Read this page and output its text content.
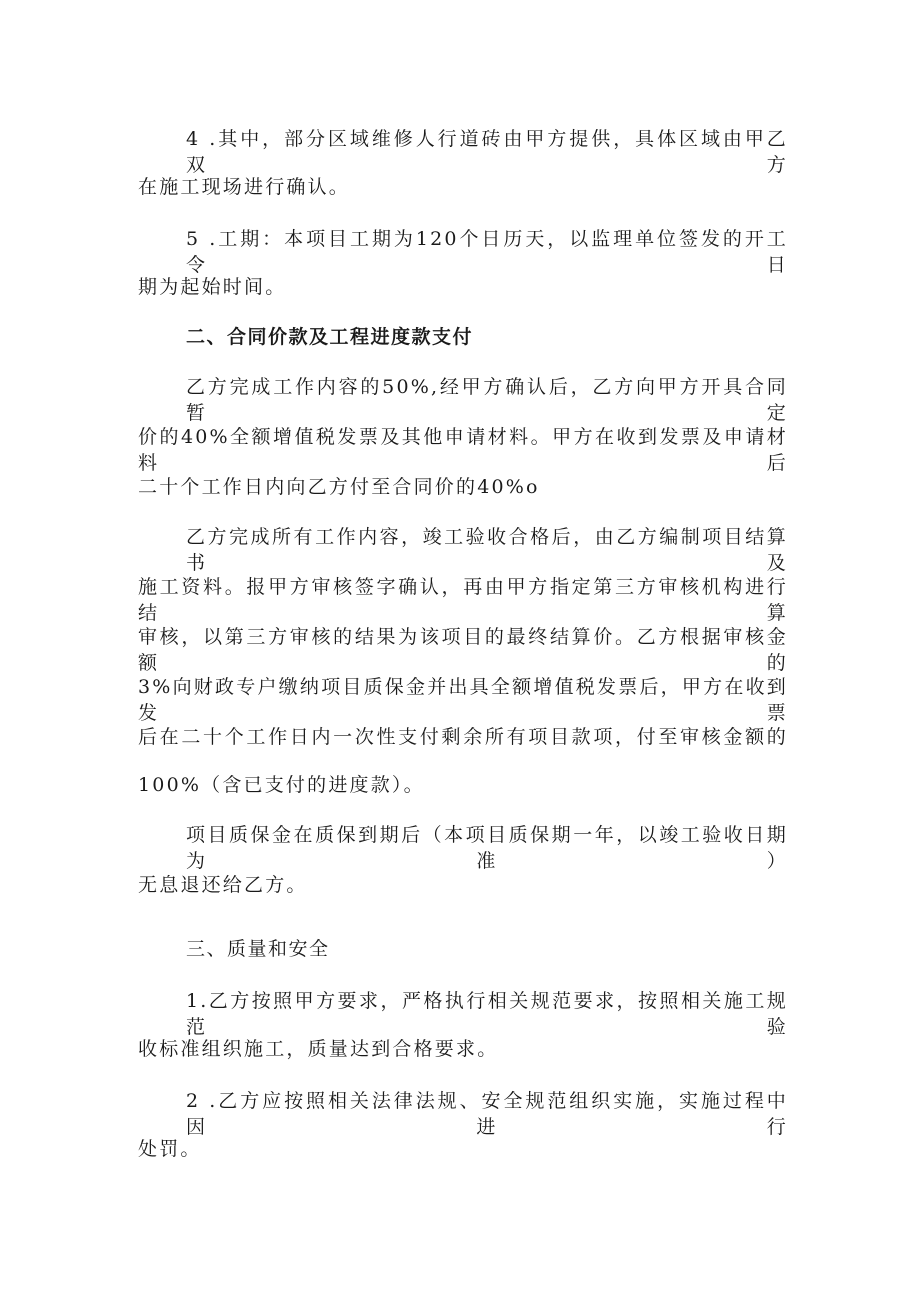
4 .其中，部分区域维修人行道砖由甲方提供，具体区域由甲乙双方
在施工现场进行确认。
5 .工期：本项目工期为120个日历天，以监理单位签发的开工令日
期为起始时间。
二、合同价款及工程进度款支付
乙方完成工作内容的50%,经甲方确认后，乙方向甲方开具合同暂定
价的40%全额增值税发票及其他申请材料。甲方在收到发票及申请材料后
二十个工作日内向乙方付至合同价的40%o
乙方完成所有工作内容，竣工验收合格后，由乙方编制项目结算书及
施工资料。报甲方审核签字确认，再由甲方指定第三方审核机构进行结算
审核，以第三方审核的结果为该项目的最终结算价。乙方根据审核金额的
3%向财政专户缴纳项目质保金并出具全额增值税发票后，甲方在收到发票
后在二十个工作日内一次性支付剩余所有项目款项，付至审核金额的
100%（含已支付的进度款）。
项目质保金在质保到期后（本项目质保期一年，以竣工验收日期为准）
无息退还给乙方。
三、质量和安全
1.乙方按照甲方要求，严格执行相关规范要求，按照相关施工规范验
收标准组织施工，质量达到合格要求。
2 .乙方应按照相关法律法规、安全规范组织实施，实施过程中因进行
处罚。
